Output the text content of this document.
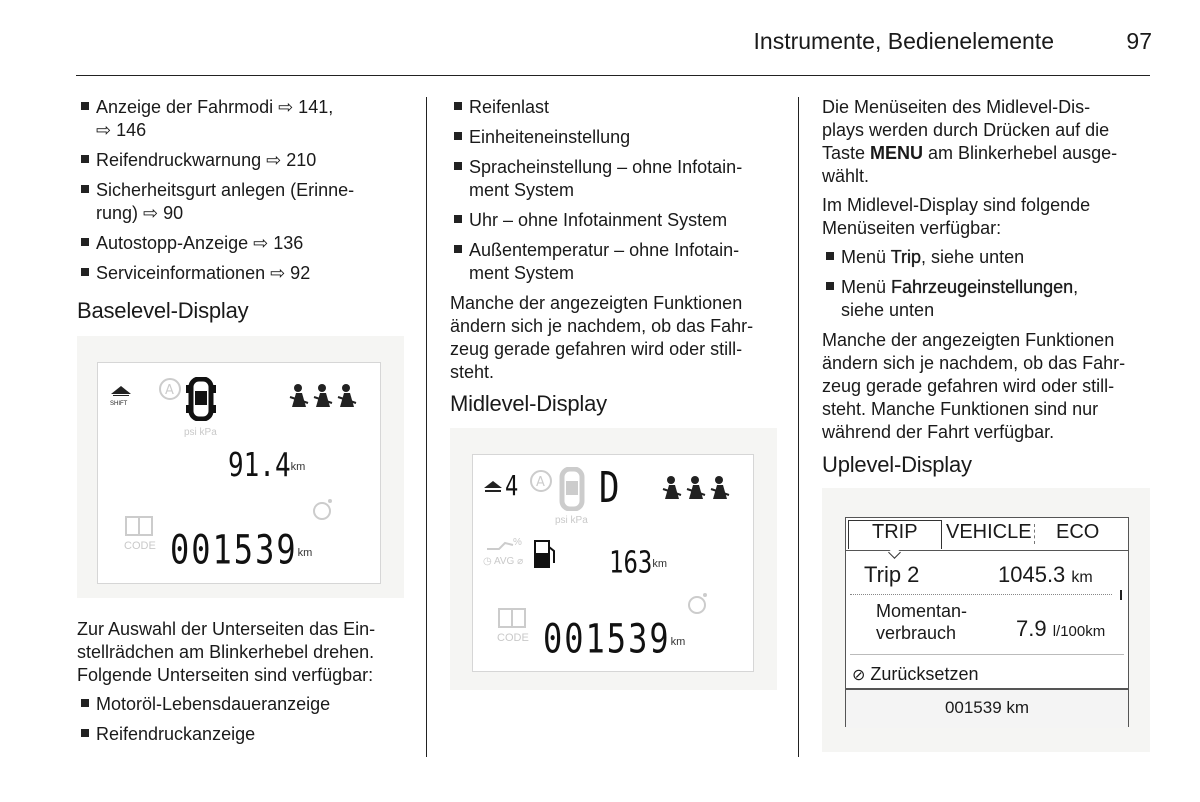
Instrumente, Bedienelemente	97
Anzeige der Fahrmodi ⇨ 141,
⇨ 146
Reifendruckwarnung ⇨ 210
Sicherheitsgurt anlegen (Erinne-
rung) ⇨ 90
Autostopp-Anzeige ⇨ 136
Serviceinformationen ⇨ 92
Baselevel-Display
SHIFT
A
psi kPa
91.4km
CODE 001539km

Zur Auswahl der Unterseiten das Ein-
stellrädchen am Blinkerhebel drehen.
Folgende Unterseiten sind verfügbar:

Motoröl-Lebensdaueranzeige
Reifendruckanzeige
Reifenlast
Einheiteneinstellung
Spracheinstellung – ohne Infotain-
ment System
Uhr – ohne Infotainment System
Außentemperatur – ohne Infotain-
ment System

Manche der angezeigten Funktionen
ändern sich je nachdem, ob das Fahr-
zeug gerade gefahren wird oder still-
steht.

Midlevel-Display
4 A
psi kPa
D
%
◷ AVG ⌀	163km
CODE 001539km

Die Menüseiten des Midlevel-Dis-
plays werden durch Drücken auf die
Taste MENU am Blinkerhebel ausge-
wählt.

Im Midlevel-Display sind folgende
Menüseiten verfügbar:

Menü Trip, siehe unten
Menü Fahrzeugeinstellungen,
siehe unten

Manche der angezeigten Funktionen
ändern sich je nachdem, ob das Fahr-
zeug gerade gefahren wird oder still-
steht. Manche Funktionen sind nur
während der Fahrt verfügbar.

Uplevel-Display
TRIP VEHICLE ECO
Trip 2	1045.3 km
Momentan-
verbrauch	7.9 l/100km
⊘ Zurücksetzen
001539 km
